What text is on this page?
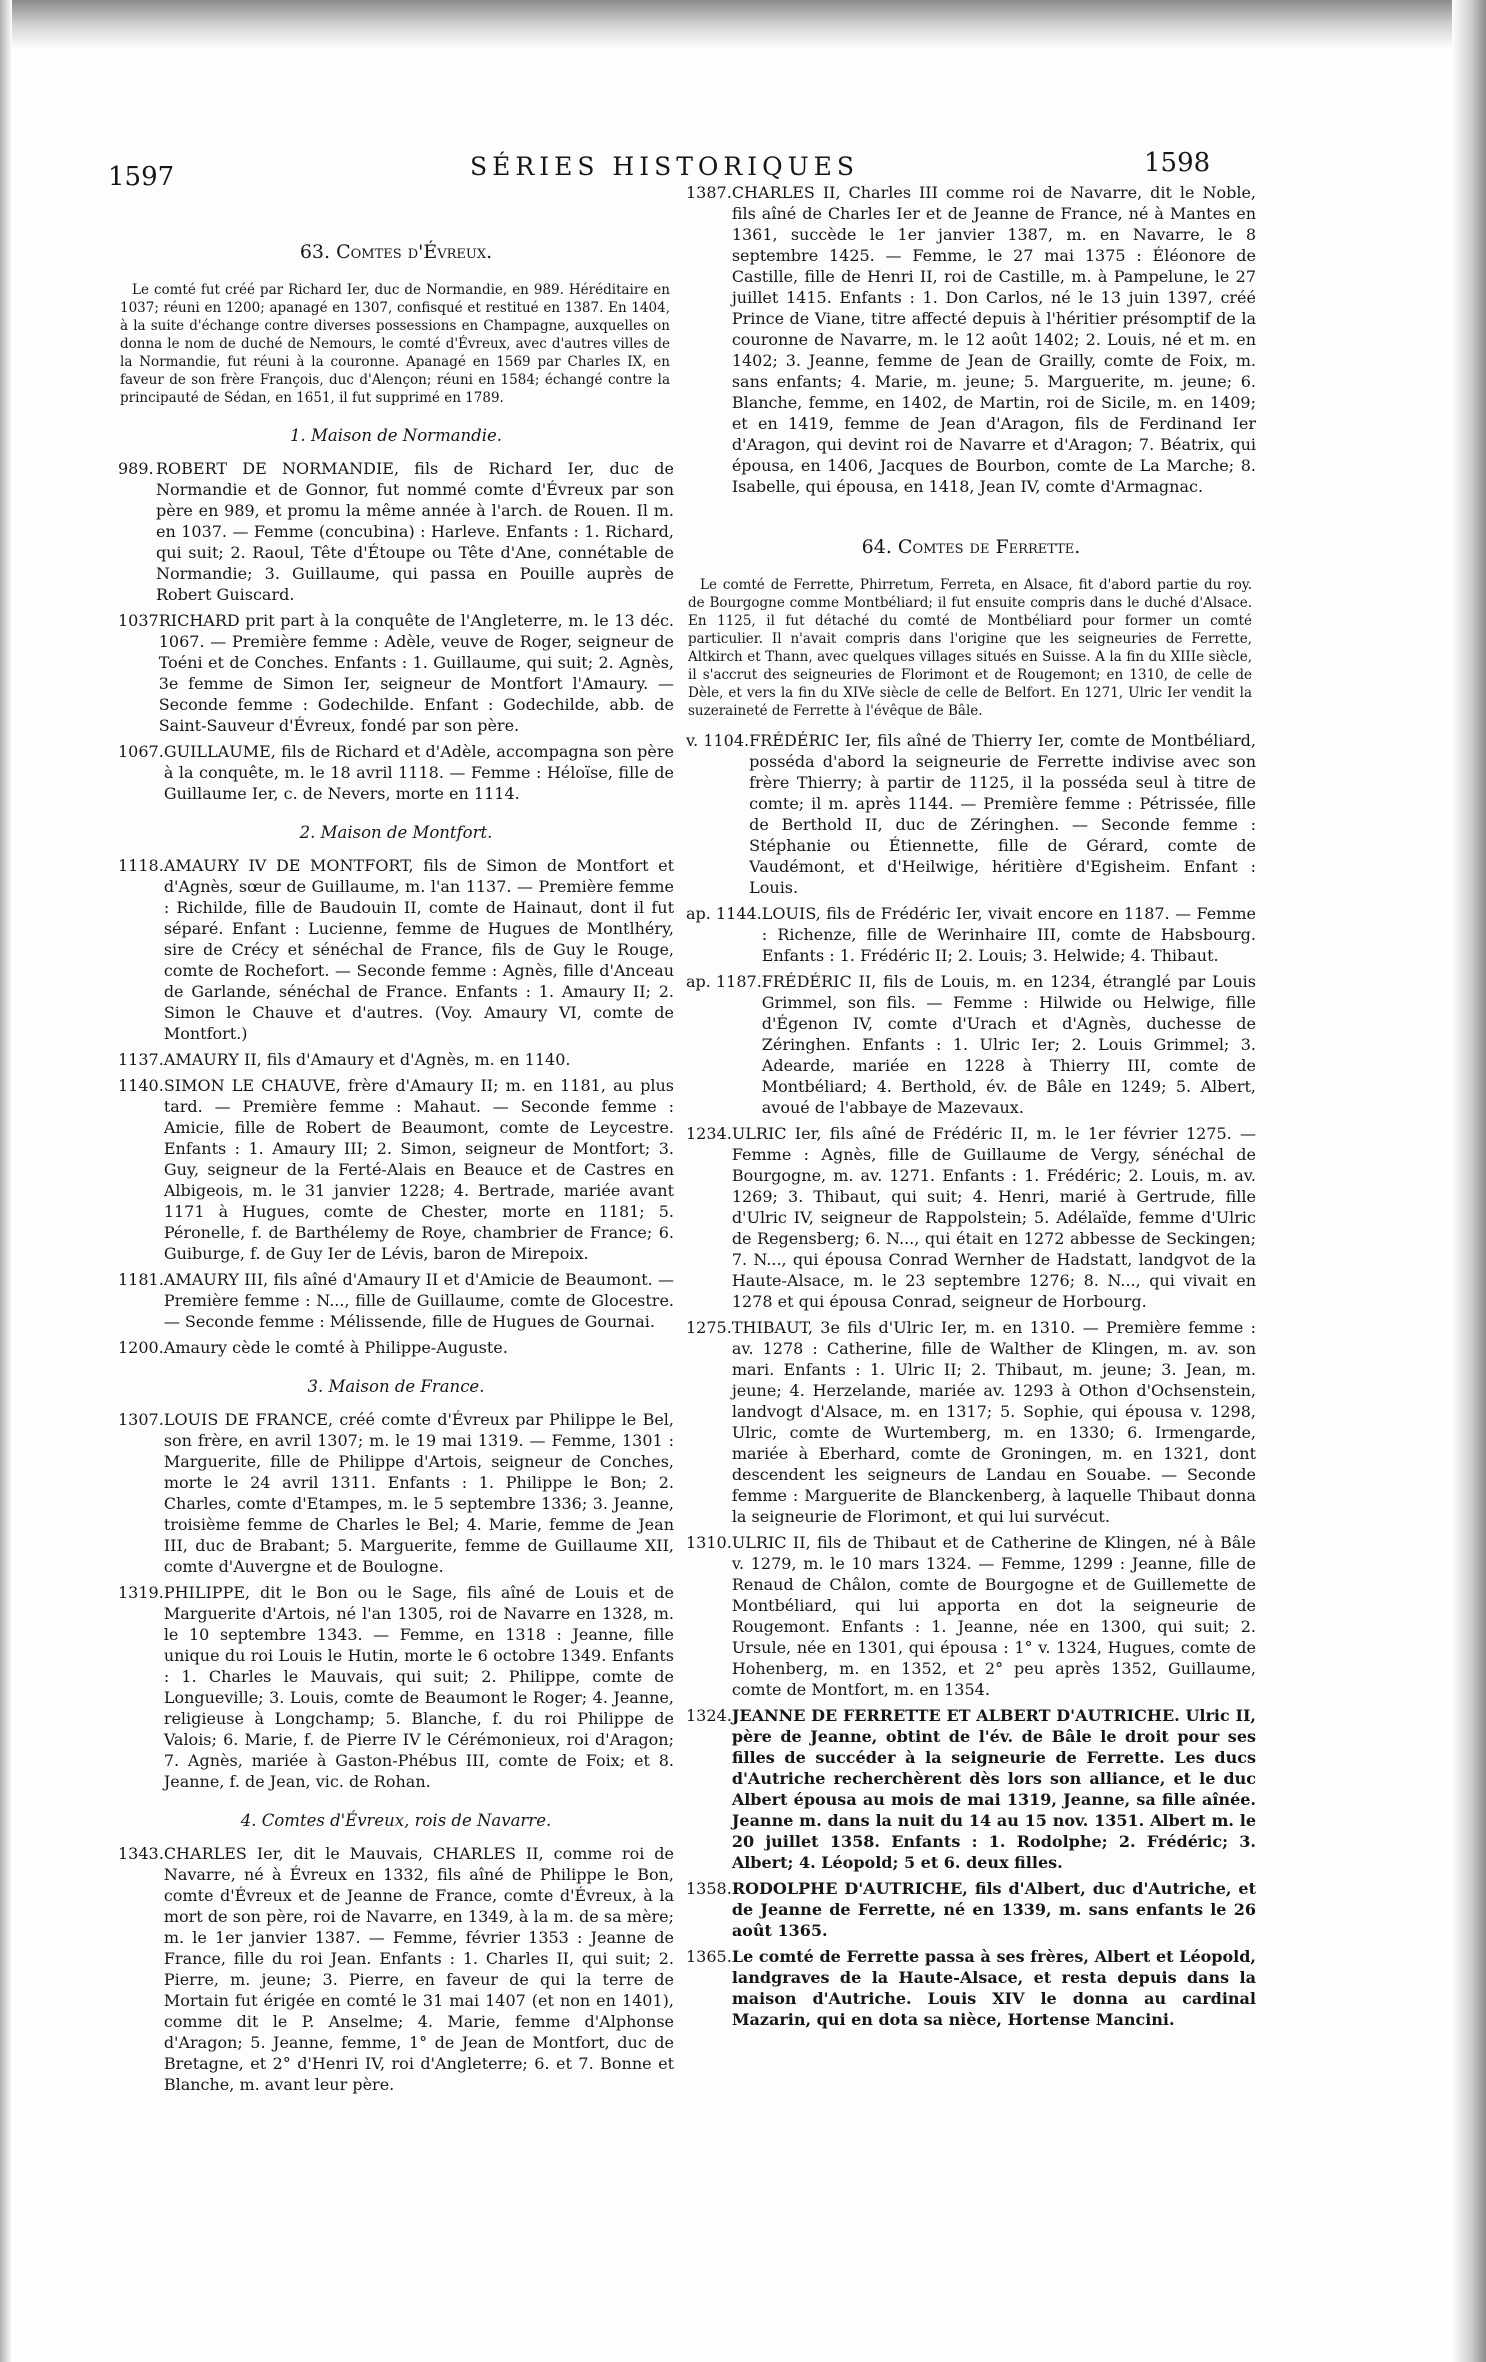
1597	SÉRIES HISTORIQUES	1598
63. Comtes d'Évreux.

Le comté fut créé par Richard Ier, duc de Normandie, en 989. Héréditaire en 1037; réuni en 1200; apanagé en 1307, confisqué et restitué en 1387. En 1404, à la suite d'échange contre diverses possessions en Champagne, auxquelles on donna le nom de duché de Nemours, le comté d'Évreux, avec d'autres villes de la Normandie, fut réuni à la couronne. Apanagé en 1569 par Charles IX, en faveur de son frère François, duc d'Alençon; réuni en 1584; échangé contre la principauté de Sédan, en 1651, il fut supprimé en 1789.

1. Maison de Normandie.
989. ROBERT DE NORMANDIE, fils de Richard Ier, duc de Normandie et de Gonnor, fut nommé comte d'Évreux par son père en 989, et promu la même année à l'arch. de Rouen. Il m. en 1037. — Femme (concubina) : Harleve. Enfants : 1. Richard, qui suit; 2. Raoul, Tête d'Étoupe ou Tête d'Ane, connétable de Normandie; 3. Guillaume, qui passa en Pouille auprès de Robert Guiscard.
1037 RICHARD prit part à la conquête de l'Angleterre, m. le 13 déc. 1067. — Première femme : Adèle, veuve de Roger, seigneur de Toéni et de Conches. Enfants : 1. Guillaume, qui suit; 2. Agnès, 3e femme de Simon Ier, seigneur de Montfort l'Amaury. — Seconde femme : Godechilde. Enfant : Godechilde, abb. de Saint-Sauveur d'Évreux, fondé par son père.
1067. GUILLAUME, fils de Richard et d'Adèle, accompagna son père à la conquête, m. le 18 avril 1118. — Femme : Héloïse, fille de Guillaume Ier, c. de Nevers, morte en 1114.
2. Maison de Montfort.
1118. AMAURY IV DE MONTFORT, fils de Simon de Montfort et d'Agnès, sœur de Guillaume, m. l'an 1137. — Première femme : Richilde, fille de Baudouin II, comte de Hainaut, dont il fut séparé. Enfant : Lucienne, femme de Hugues de Montlhéry, sire de Crécy et sénéchal de France, fils de Guy le Rouge, comte de Rochefort. — Seconde femme : Agnès, fille d'Anceau de Garlande, sénéchal de France. Enfants : 1. Amaury II; 2. Simon le Chauve et d'autres. (Voy. Amaury VI, comte de Montfort.)
1137. AMAURY II, fils d'Amaury et d'Agnès, m. en 1140.
1140. SIMON LE CHAUVE, frère d'Amaury II; m. en 1181, au plus tard. — Première femme : Mahaut. — Seconde femme : Amicie, fille de Robert de Beaumont, comte de Leycestre. Enfants : 1. Amaury III; 2. Simon, seigneur de Montfort; 3. Guy, seigneur de la Ferté-Alais en Beauce et de Castres en Albigeois, m. le 31 janvier 1228; 4. Bertrade, mariée avant 1171 à Hugues, comte de Chester, morte en 1181; 5. Péronelle, f. de Barthélemy de Roye, chambrier de France; 6. Guiburge, f. de Guy Ier de Lévis, baron de Mirepoix.
1181. AMAURY III, fils aîné d'Amaury II et d'Amicie de Beaumont. — Première femme : N..., fille de Guillaume, comte de Glocestre. — Seconde femme : Mélissende, fille de Hugues de Gournai.
1200. Amaury cède le comté à Philippe-Auguste.
3. Maison de France.
1307. LOUIS DE FRANCE, créé comte d'Évreux par Philippe le Bel, son frère, en avril 1307; m. le 19 mai 1319. — Femme, 1301 : Marguerite, fille de Philippe d'Artois, seigneur de Conches, morte le 24 avril 1311. Enfants : 1. Philippe le Bon; 2. Charles, comte d'Etampes, m. le 5 septembre 1336; 3. Jeanne, troisième femme de Charles le Bel; 4. Marie, femme de Jean III, duc de Brabant; 5. Marguerite, femme de Guillaume XII, comte d'Auvergne et de Boulogne.
1319. PHILIPPE, dit le Bon ou le Sage, fils aîné de Louis et de Marguerite d'Artois, né l'an 1305, roi de Navarre en 1328, m. le 10 septembre 1343. — Femme, en 1318 : Jeanne, fille unique du roi Louis le Hutin, morte le 6 octobre 1349. Enfants : 1. Charles le Mauvais, qui suit; 2. Philippe, comte de Longueville; 3. Louis, comte de Beaumont le Roger; 4. Jeanne, religieuse à Longchamp; 5. Blanche, f. du roi Philippe de Valois; 6. Marie, f. de Pierre IV le Cérémonieux, roi d'Aragon; 7. Agnès, mariée à Gaston-Phébus III, comte de Foix; et 8. Jeanne, f. de Jean, vic. de Rohan.
4. Comtes d'Évreux, rois de Navarre.
1343. CHARLES Ier, dit le Mauvais, CHARLES II, comme roi de Navarre, né à Évreux en 1332, fils aîné de Philippe le Bon, comte d'Évreux et de Jeanne de France, comte d'Évreux, à la mort de son père, roi de Navarre, en 1349, à la m. de sa mère; m. le 1er janvier 1387. — Femme, février 1353 : Jeanne de France, fille du roi Jean. Enfants : 1. Charles II, qui suit; 2. Pierre, m. jeune; 3. Pierre, en faveur de qui la terre de Mortain fut érigée en comté le 31 mai 1407 (et non en 1401), comme dit le P. Anselme; 4. Marie, femme d'Alphonse d'Aragon; 5. Jeanne, femme, 1° de Jean de Montfort, duc de Bretagne, et 2° d'Henri IV, roi d'Angleterre; 6. et 7. Bonne et Blanche, m. avant leur père.
1387. CHARLES II, Charles III comme roi de Navarre, dit le Noble, fils aîné de Charles Ier et de Jeanne de France, né à Mantes en 1361, succède le 1er janvier 1387, m. en Navarre, le 8 septembre 1425. — Femme, le 27 mai 1375 : Éléonore de Castille, fille de Henri II, roi de Castille, m. à Pampelune, le 27 juillet 1415. Enfants : 1. Don Carlos, né le 13 juin 1397, créé Prince de Viane, titre affecté depuis à l'héritier présomptif de la couronne de Navarre, m. le 12 août 1402; 2. Louis, né et m. en 1402; 3. Jeanne, femme de Jean de Grailly, comte de Foix, m. sans enfants; 4. Marie, m. jeune; 5. Marguerite, m. jeune; 6. Blanche, femme, en 1402, de Martin, roi de Sicile, m. en 1409; et en 1419, femme de Jean d'Aragon, fils de Ferdinand Ier d'Aragon, qui devint roi de Navarre et d'Aragon; 7. Béatrix, qui épousa, en 1406, Jacques de Bourbon, comte de La Marche; 8. Isabelle, qui épousa, en 1418, Jean IV, comte d'Armagnac.
64. Comtes de Ferrette.

Le comté de Ferrette, Phirretum, Ferreta, en Alsace, fit d'abord partie du roy. de Bourgogne comme Montbéliard; il fut ensuite compris dans le duché d'Alsace. En 1125, il fut détaché du comté de Montbéliard pour former un comté particulier. Il n'avait compris dans l'origine que les seigneuries de Ferrette, Altkirch et Thann, avec quelques villages situés en Suisse. A la fin du XIIIe siècle, il s'accrut des seigneuries de Florimont et de Rougemont; en 1310, de celle de Dèle, et vers la fin du XIVe siècle de celle de Belfort. En 1271, Ulric Ier vendit la suzeraineté de Ferrette à l'évêque de Bâle.

v. 1104. FRÉDÉRIC Ier, fils aîné de Thierry Ier, comte de Montbéliard, posséda d'abord la seigneurie de Ferrette indivise avec son frère Thierry; à partir de 1125, il la posséda seul à titre de comte; il m. après 1144. — Première femme : Pétrissée, fille de Berthold II, duc de Zéringhen. — Seconde femme : Stéphanie ou Étiennette, fille de Gérard, comte de Vaudémont, et d'Heilwige, héritière d'Egisheim. Enfant : Louis.
ap. 1144. LOUIS, fils de Frédéric Ier, vivait encore en 1187. — Femme : Richenze, fille de Werinhaire III, comte de Habsbourg. Enfants : 1. Frédéric II; 2. Louis; 3. Helwide; 4. Thibaut.
ap. 1187. FRÉDÉRIC II, fils de Louis, m. en 1234, étranglé par Louis Grimmel, son fils. — Femme : Hilwide ou Helwige, fille d'Égenon IV, comte d'Urach et d'Agnès, duchesse de Zéringhen. Enfants : 1. Ulric Ier; 2. Louis Grimmel; 3. Adearde, mariée en 1228 à Thierry III, comte de Montbéliard; 4. Berthold, év. de Bâle en 1249; 5. Albert, avoué de l'abbaye de Mazevaux.
1234. ULRIC Ier, fils aîné de Frédéric II, m. le 1er février 1275. — Femme : Agnès, fille de Guillaume de Vergy, sénéchal de Bourgogne, m. av. 1271. Enfants : 1. Frédéric; 2. Louis, m. av. 1269; 3. Thibaut, qui suit; 4. Henri, marié à Gertrude, fille d'Ulric IV, seigneur de Rappolstein; 5. Adélaïde, femme d'Ulric de Regensberg; 6. N..., qui était en 1272 abbesse de Seckingen; 7. N..., qui épousa Conrad Wernher de Hadstatt, landgvot de la Haute-Alsace, m. le 23 septembre 1276; 8. N..., qui vivait en 1278 et qui épousa Conrad, seigneur de Horbourg.
1275. THIBAUT, 3e fils d'Ulric Ier, m. en 1310. — Première femme : av. 1278 : Catherine, fille de Walther de Klingen, m. av. son mari. Enfants : 1. Ulric II; 2. Thibaut, m. jeune; 3. Jean, m. jeune; 4. Herzelande, mariée av. 1293 à Othon d'Ochsenstein, landvogt d'Alsace, m. en 1317; 5. Sophie, qui épousa v. 1298, Ulric, comte de Wurtemberg, m. en 1330; 6. Irmengarde, mariée à Eberhard, comte de Groningen, m. en 1321, dont descendent les seigneurs de Landau en Souabe. — Seconde femme : Marguerite de Blanckenberg, à laquelle Thibaut donna la seigneurie de Florimont, et qui lui survécut.
1310. ULRIC II, fils de Thibaut et de Catherine de Klingen, né à Bâle v. 1279, m. le 10 mars 1324. — Femme, 1299 : Jeanne, fille de Renaud de Châlon, comte de Bourgogne et de Guillemette de Montbéliard, qui lui apporta en dot la seigneurie de Rougemont. Enfants : 1. Jeanne, née en 1300, qui suit; 2. Ursule, née en 1301, qui épousa : 1° v. 1324, Hugues, comte de Hohenberg, m. en 1352, et 2° peu après 1352, Guillaume, comte de Montfort, m. en 1354.
1324. JEANNE DE FERRETTE ET ALBERT D'AUTRICHE. Ulric II, père de Jeanne, obtint de l'év. de Bâle le droit pour ses filles de succéder à la seigneurie de Ferrette. Les ducs d'Autriche recherchèrent dès lors son alliance, et le duc Albert épousa au mois de mai 1319, Jeanne, sa fille aînée. Jeanne m. dans la nuit du 14 au 15 nov. 1351. Albert m. le 20 juillet 1358. Enfants : 1. Rodolphe; 2. Frédéric; 3. Albert; 4. Léopold; 5 et 6. deux filles.
1358. RODOLPHE D'AUTRICHE, fils d'Albert, duc d'Autriche, et de Jeanne de Ferrette, né en 1339, m. sans enfants le 26 août 1365.
1365. Le comté de Ferrette passa à ses frères, Albert et Léopold, landgraves de la Haute-Alsace, et resta depuis dans la maison d'Autriche. Louis XIV le donna au cardinal Mazarin, qui en dota sa nièce, Hortense Mancini.
